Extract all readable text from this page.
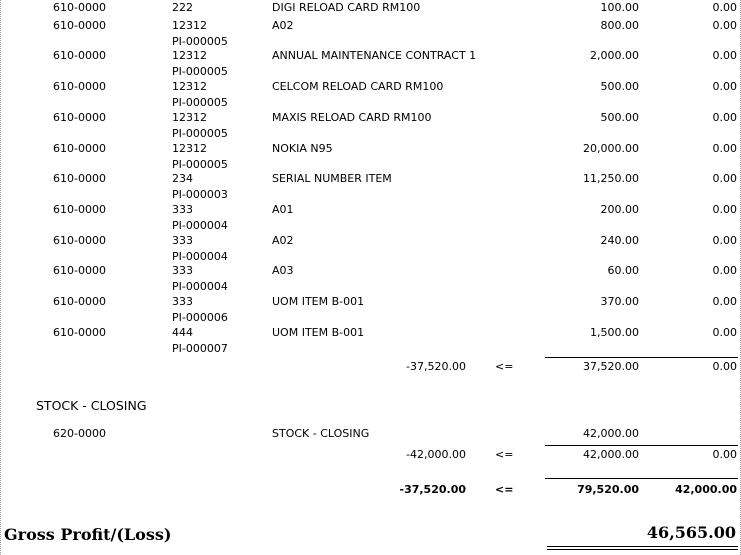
610-0000	222	DIGI RELOAD CARD RM100	100.00	0.00
610-0000	12312	A02	800.00	0.00
PI-000005
610-0000	12312	ANNUAL MAINTENANCE CONTRACT 1	2,000.00	0.00
PI-000005
610-0000	12312	CELCOM RELOAD CARD RM100	500.00	0.00
PI-000005
610-0000	12312	MAXIS RELOAD CARD RM100	500.00	0.00
PI-000005
610-0000	12312	NOKIA N95	20,000.00	0.00
PI-000005
610-0000	234	SERIAL NUMBER ITEM	11,250.00	0.00
PI-000003
610-0000	333	A01	200.00	0.00
PI-000004
610-0000	333	A02	240.00	0.00
PI-000004
610-0000	333	A03	60.00	0.00
PI-000004
610-0000	333	UOM ITEM B-001	370.00	0.00
PI-000006
610-0000	444	UOM ITEM B-001	1,500.00	0.00
PI-000007
-37,520.00	<=	37,520.00	0.00
STOCK - CLOSING
620-0000	STOCK - CLOSING	42,000.00
-42,000.00	<=	42,000.00	0.00
-37,520.00	<=	79,520.00	42,000.00
Gross Profit/(Loss)	46,565.00
